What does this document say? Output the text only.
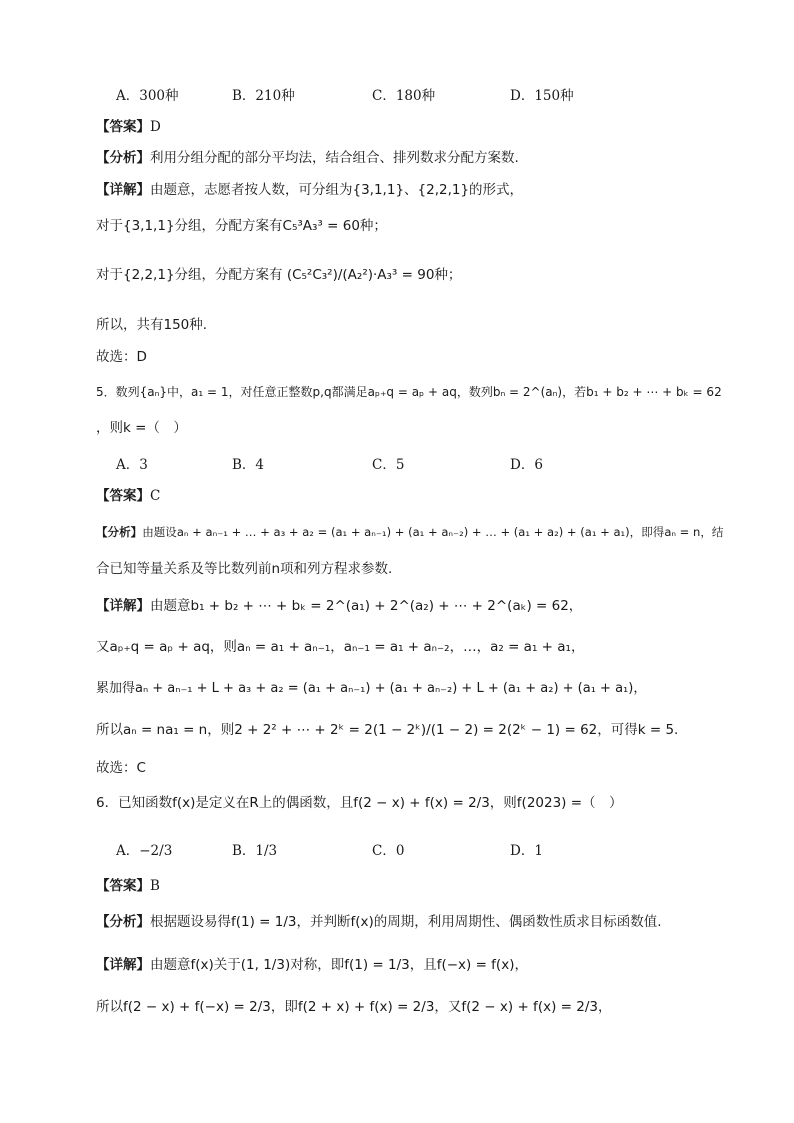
A．300种	B．210种	C．180种	D．150种
【答案】D
【分析】利用分组分配的部分平均法，结合组合、排列数求分配方案数.
【详解】由题意，志愿者按人数，可分组为{3,1,1}、{2,2,1}的形式，
对于{3,1,1}分组，分配方案有C₅³A₃³ = 60种；
对于{2,2,1}分组，分配方案有 (C₅²C₃²)/(A₂²)·A₃³ = 90种；
所以，共有150种.
故选：D
5．数列{aₙ}中，a₁ = 1，对任意正整数p,q都满足aₚ₊q = aₚ + aq，数列bₙ = 2^(aₙ)，若b₁ + b₂ + ⋯ + bₖ = 62
，则k =（　）
A．3	B．4	C．5	D．6
【答案】C
【分析】由题设aₙ + aₙ₋₁ + … + a₃ + a₂ = (a₁ + aₙ₋₁) + (a₁ + aₙ₋₂) + … + (a₁ + a₂) + (a₁ + a₁)，即得aₙ = n，结
合已知等量关系及等比数列前n项和列方程求参数.
【详解】由题意b₁ + b₂ + ⋯ + bₖ = 2^(a₁) + 2^(a₂) + ⋯ + 2^(aₖ) = 62，
又aₚ₊q = aₚ + aq，则aₙ = a₁ + aₙ₋₁，aₙ₋₁ = a₁ + aₙ₋₂，…，a₂ = a₁ + a₁，
累加得aₙ + aₙ₋₁ + L + a₃ + a₂ = (a₁ + aₙ₋₁) + (a₁ + aₙ₋₂) + L + (a₁ + a₂) + (a₁ + a₁)，
所以aₙ = na₁ = n，则2 + 2² + ⋯ + 2ᵏ = 2(1 − 2ᵏ)/(1 − 2) = 2(2ᵏ − 1) = 62，可得k = 5.
故选：C
6．已知函数f(x)是定义在R上的偶函数，且f(2 − x) + f(x) = 2/3，则f(2023) =（　）
A．−2/3	B．1/3	C．0	D．1
【答案】B
【分析】根据题设易得f(1) = 1/3，并判断f(x)的周期，利用周期性、偶函数性质求目标函数值.
【详解】由题意f(x)关于(1, 1/3)对称，即f(1) = 1/3，且f(−x) = f(x)，
所以f(2 − x) + f(−x) = 2/3，即f(2 + x) + f(x) = 2/3，又f(2 − x) + f(x) = 2/3，
